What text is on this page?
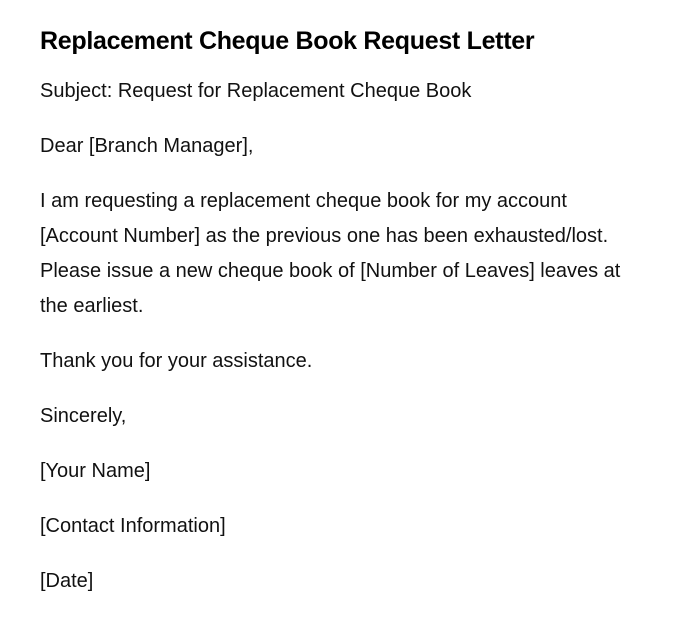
Replacement Cheque Book Request Letter

Subject: Request for Replacement Cheque Book

Dear [Branch Manager],

I am requesting a replacement cheque book for my account [Account Number] as the previous one has been exhausted/lost. Please issue a new cheque book of [Number of Leaves] leaves at the earliest.

Thank you for your assistance.

Sincerely,

[Your Name]

[Contact Information]

[Date]
